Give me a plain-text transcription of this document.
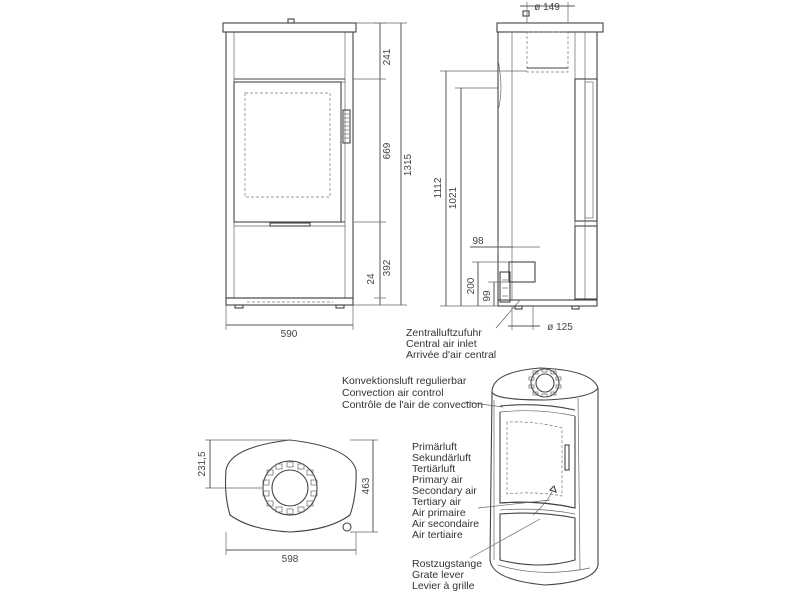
241
669
1315
392
24
590
ø 149
ø 125
1112 1021
98
200
99
Zentralluftzufuhr
Central air inlet
Arrivée d'air central
231,5
463
598
Konvektionsluft regulierbar
Convection air control
Contrôle de l'air de convection
Primärluft
Sekundärluft
Tertiärluft
Primary air
Secondary air
Tertiary air
Air primaire
Air secondaire
Air tertiaire
Rostzugstange
Grate lever
Levier à grille
